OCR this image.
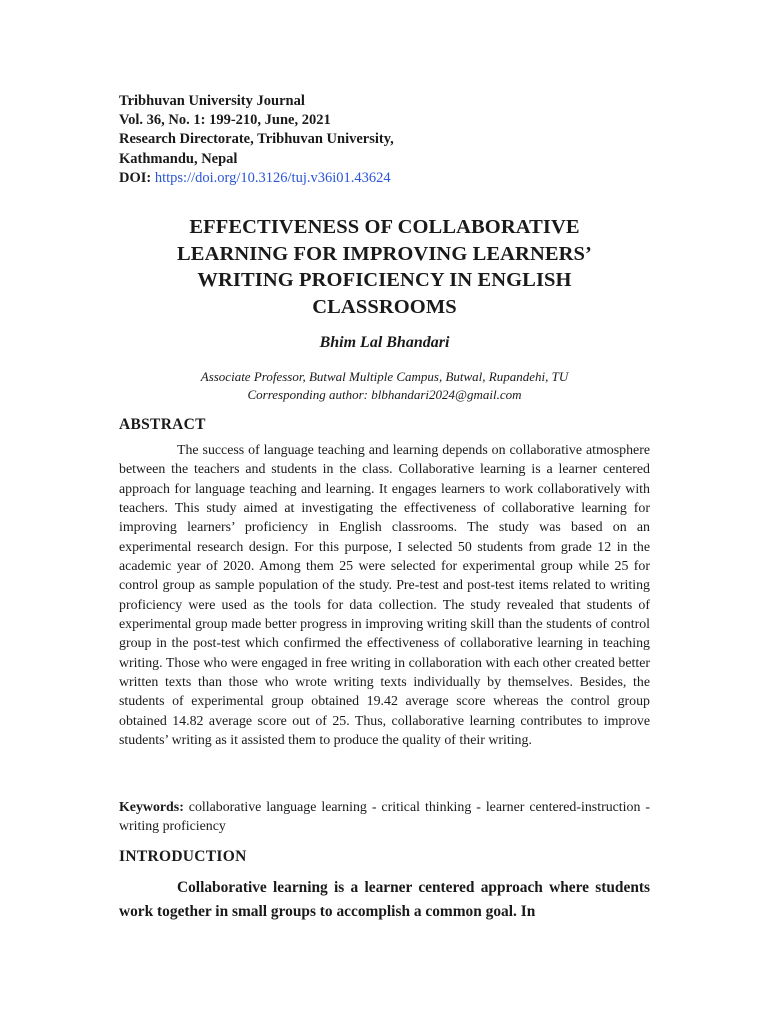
Tribhuvan University Journal
Vol. 36, No. 1: 199-210, June, 2021
Research Directorate, Tribhuvan University,
Kathmandu, Nepal
DOI: https://doi.org/10.3126/tuj.v36i01.43624
EFFECTIVENESS OF COLLABORATIVE
LEARNING FOR IMPROVING LEARNERS’
WRITING PROFICIENCY IN ENGLISH
CLASSROOMS
Bhim Lal Bhandari
Associate Professor, Butwal Multiple Campus, Butwal, Rupandehi, TU
Corresponding author: blbhandari2024@gmail.com
ABSTRACT

The success of language teaching and learning depends on collaborative atmosphere between the teachers and students in the class. Collaborative learning is a learner centered approach for language teaching and learning. It engages learners to work collaboratively with teachers. This study aimed at investigating the effectiveness of collaborative learning for improving learners’ proficiency in English classrooms. The study was based on an experimental research design. For this purpose, I selected 50 students from grade 12 in the academic year of 2020. Among them 25 were selected for experimental group while 25 for control group as sample population of the study. Pre-test and post-test items related to writing proficiency were used as the tools for data collection. The study revealed that students of experimental group made better progress in improving writing skill than the students of control group in the post-test which confirmed the effectiveness of collaborative learning in teaching writing. Those who were engaged in free writing in collaboration with each other created better written texts than those who wrote writing texts individually by themselves. Besides, the students of experimental group obtained 19.42 average score whereas the control group obtained 14.82 average score out of 25. Thus, collaborative learning contributes to improve students’ writing as it assisted them to produce the quality of their writing.

Keywords: collaborative language learning - critical thinking - learner centered-instruction - writing proficiency

INTRODUCTION

Collaborative learning is a learner centered approach where students work together in small groups to accomplish a common goal. In
